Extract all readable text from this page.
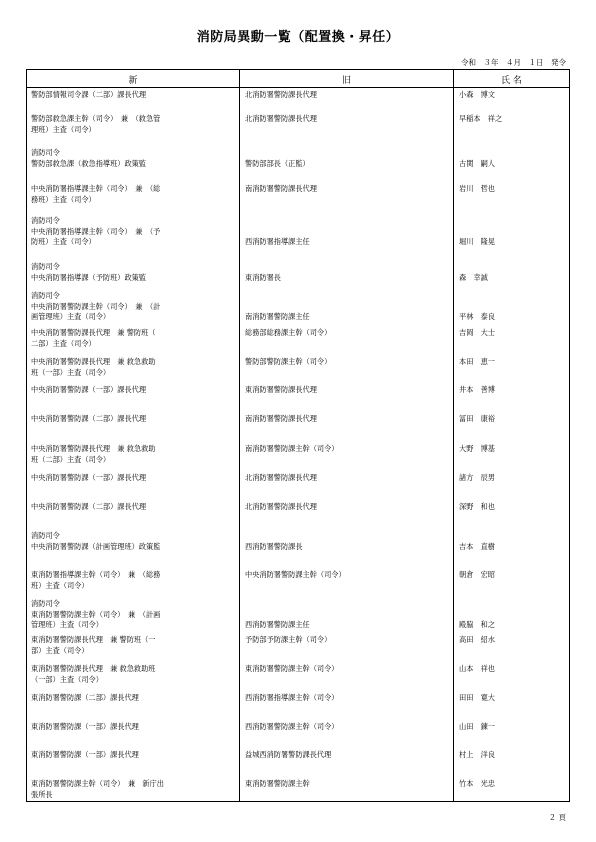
消防局異動一覧（配置換・昇任）
令和　３年　４月　１日　発令
新	旧	氏 名
警防部情報司令課（二部）課長代理	北消防署警防課長代理	小森　博文
警防部救急課主幹（司令）　兼　（救急管
理班）主査（司令）
北消防署警防課長代理	早稲本　祥之
消防司令
警防部救急課（救急指導班）政策監	警防部部長（正監）	古関　嗣人
中央消防署指導課主幹（司令）　兼　（総
務班）主査（司令）
南消防署警防課長代理	岩川　哲也
消防司令
中央消防署指導課主幹（司令）　兼　（予
防班）主査（司令）	西消防署指導課主任	堀川　隆晃
消防司令
中央消防署指導課（予防班）政策監	東消防署長	森　幸誠
消防司令
中央消防署警防課主幹（司令）　兼　（計
画管理班）主査（司令）	南消防署警防課主任	平林　泰良
中央消防署警防課長代理　兼 警防班（
二部）主査（司令）
総務部総務課主幹（司令）	吉岡　大士
中央消防署警防課長代理　兼 救急救助
班（一部）主査（司令）
警防部警防課主幹（司令）	本田　恵一
中央消防署警防課（一部）課長代理	東消防署警防課長代理	井本　善博
中央消防署警防課（二部）課長代理	南消防署警防課長代理	冨田　康裕
中央消防署警防課長代理　兼 救急救助
班（二部）主査（司令）
南消防署警防課主幹（司令）	大野　博基
中央消防署警防課（一部）課長代理	北消防署警防課長代理	諸方　辰男
中央消防署警防課（二部）課長代理	北消防署警防課長代理	深野　和也
消防司令
中央消防署警防課（計画管理班）政策監	西消防署警防課長	吉本　直樹
東消防署指導課主幹（司令）　兼　（総務
班）主査（司令）
中央消防署警防課主幹（司令）	朝倉　宏昭
消防司令
東消防署警防課主幹（司令）　兼　（計画
管理班）主査（司令）	西消防署警防課主任	殿脇　和之
東消防署警防課長代理　兼 警防班（一
部）主査（司令）
予防部予防課主幹（司令）	高田　紹水
東消防署警防課長代理　兼 救急救助班
（一部）主査（司令）
東消防署警防課主幹（司令）	山本　祥也
東消防署警防課（二部）課長代理	西消防署指導課主幹（司令）	田田　寛大
東消防署警防課（一部）課長代理	西消防署警防課主幹（司令）	山田　錬一
東消防署警防課（一部）課長代理	益城西消防署警防課長代理	村上　洋良
東消防署警防課主幹（司令）　兼　新庁出
張所長
東消防署警防課主幹	竹本　光忠
２ 頁
